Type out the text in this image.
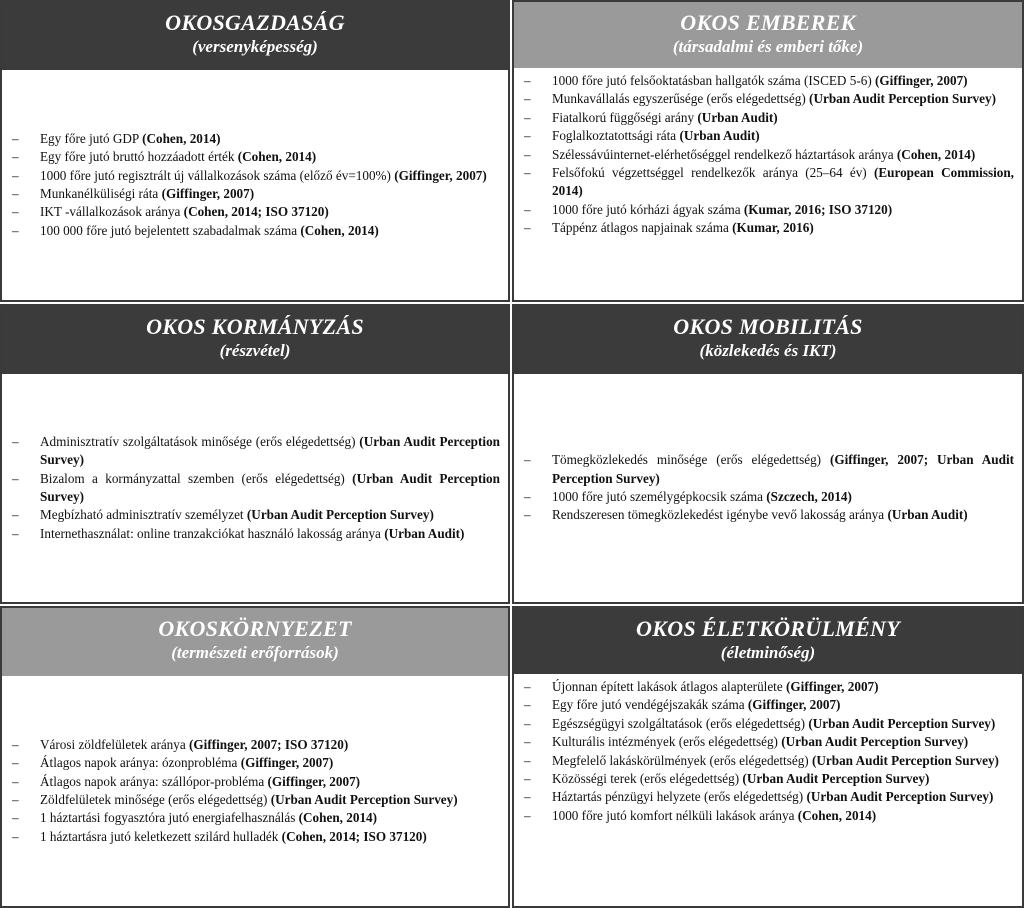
OKOSGAZDASÁG
(versenyképesség)
– Egy főre jutó GDP (Cohen, 2014)
– Egy főre jutó bruttó hozzáadott érték (Cohen, 2014)
– 1000 főre jutó regisztrált új vállalkozások száma (előző év=100%) (Giffinger, 2007)
– Munkanélküliségi ráta (Giffinger, 2007)
– IKT -vállalkozások aránya (Cohen, 2014; ISO 37120)
– 100 000 főre jutó bejelentett szabadalmak száma (Cohen, 2014)
OKOS EMBEREK
(társadalmi és emberi tőke)
– 1000 főre jutó felsőoktatásban hallgatók száma (ISCED 5-6) (Giffinger, 2007)
– Munkavállalás egyszerűsége (erős elégedettség) (Urban Audit Perception Survey)
– Fiatalkorú függőségi arány (Urban Audit)
– Foglalkoztatottsági ráta (Urban Audit)
– Szélessávúinternet-elérhetőséggel rendelkező háztartások aránya (Cohen, 2014)
– Felsőfokú végzettséggel rendelkezők aránya (25–64 év) (European Commission, 2014)
– 1000 főre jutó kórházi ágyak száma (Kumar, 2016; ISO 37120)
– Táppénz átlagos napjainak száma (Kumar, 2016)
OKOS KORMÁNYZÁS
(részvétel)
– Adminisztratív szolgáltatások minősége (erős elégedettség) (Urban Audit Perception Survey)
– Bizalom a kormányzattal szemben (erős elégedettség) (Urban Audit Perception Survey)
– Megbízható adminisztratív személyzet (Urban Audit Perception Survey)
– Internethasználat: online tranzakciókat használó lakosság aránya (Urban Audit)
OKOS MOBILITÁS
(közlekedés és IKT)
– Tömegközlekedés minősége (erős elégedettség) (Giffinger, 2007; Urban Audit Perception Survey)
– 1000 főre jutó személygépkocsik száma (Szczech, 2014)
– Rendszeresen tömegközlekedést igénybe vevő lakosság aránya (Urban Audit)
OKOSKÖRNYEZET
(természeti erőforrások)
– Városi zöldfelületek aránya (Giffinger, 2007; ISO 37120)
– Átlagos napok aránya: ózonprobléma (Giffinger, 2007)
– Átlagos napok aránya: szállópor-probléma (Giffinger, 2007)
– Zöldfelületek minősége (erős elégedettség) (Urban Audit Perception Survey)
– 1 háztartási fogyasztóra jutó energiafelhasználás (Cohen, 2014)
– 1 háztartásra jutó keletkezett szilárd hulladék (Cohen, 2014; ISO 37120)
OKOS ÉLETKÖRÜLMÉNY
(életminőség)
– Újonnan épített lakások átlagos alapterülete (Giffinger, 2007)
– Egy főre jutó vendégéjszakák száma (Giffinger, 2007)
– Egészségügyi szolgáltatások (erős elégedettség) (Urban Audit Perception Survey)
– Kulturális intézmények (erős elégedettség) (Urban Audit Perception Survey)
– Megfelelő lakáskörülmények (erős elégedettség) (Urban Audit Perception Survey)
– Közösségi terek (erős elégedettség) (Urban Audit Perception Survey)
– Háztartás pénzügyi helyzete (erős elégedettség) (Urban Audit Perception Survey)
– 1000 főre jutó komfort nélküli lakások aránya (Cohen, 2014)
